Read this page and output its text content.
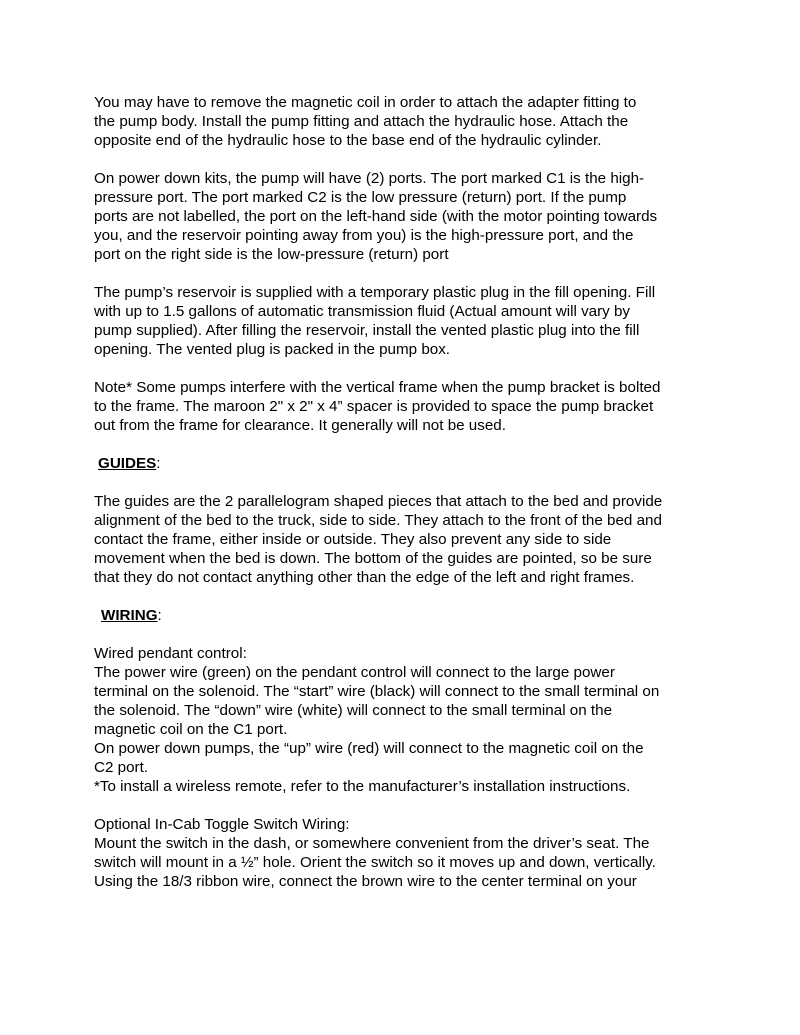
You may have to remove the magnetic coil in order to attach the adapter fitting to
the pump body. Install the pump fitting and attach the hydraulic hose. Attach the
opposite end of the hydraulic hose to the base end of the hydraulic cylinder.

On power down kits, the pump will have (2) ports. The port marked C1 is the high-
pressure port. The port marked C2 is the low pressure (return) port. If the pump
ports are not labelled, the port on the left-hand side (with the motor pointing towards
you, and the reservoir pointing away from you) is the high-pressure port, and the
port on the right side is the low-pressure (return) port

The pump’s reservoir is supplied with a temporary plastic plug in the fill opening. Fill
with up to 1.5 gallons of automatic transmission fluid (Actual amount will vary by
pump supplied). After filling the reservoir, install the vented plastic plug into the fill
opening. The vented plug is packed in the pump box.

Note* Some pumps interfere with the vertical frame when the pump bracket is bolted
to the frame. The maroon 2" x 2" x 4” spacer is provided to space the pump bracket
out from the frame for clearance. It generally will not be used.

GUIDES:

The guides are the 2 parallelogram shaped pieces that attach to the bed and provide
alignment of the bed to the truck, side to side. They attach to the front of the bed and
contact the frame, either inside or outside. They also prevent any side to side
movement when the bed is down. The bottom of the guides are pointed, so be sure
that they do not contact anything other than the edge of the left and right frames.

WIRING:

Wired pendant control:
The power wire (green) on the pendant control will connect to the large power
terminal on the solenoid. The “start” wire (black) will connect to the small terminal on
the solenoid. The “down” wire (white) will connect to the small terminal on the
magnetic coil on the C1 port.
On power down pumps, the “up” wire (red) will connect to the magnetic coil on the
C2 port.
*To install a wireless remote, refer to the manufacturer’s installation instructions.

Optional In-Cab Toggle Switch Wiring:
Mount the switch in the dash, or somewhere convenient from the driver’s seat. The
switch will mount in a ½” hole. Orient the switch so it moves up and down, vertically.
Using the 18/3 ribbon wire, connect the brown wire to the center terminal on your
